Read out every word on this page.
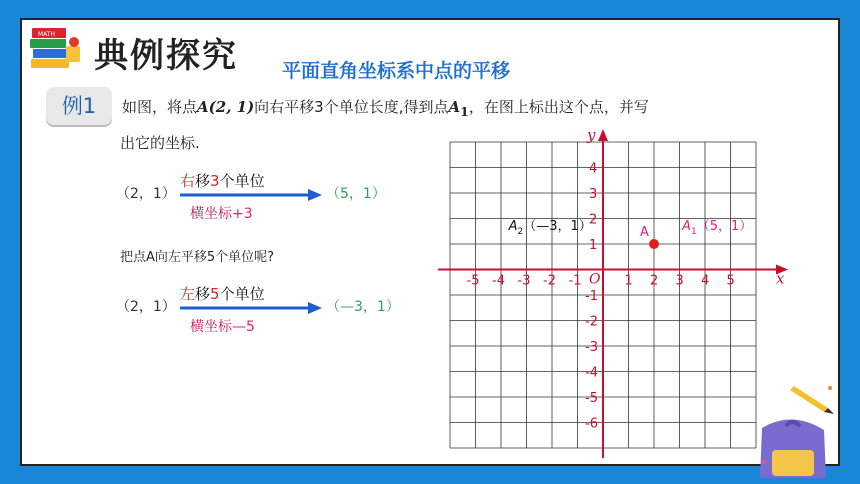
MATH
典例探究 平面直角坐标系中点的平移
例1	如图，将点A(2, 1)向右平移3个单位长度,得到点$A_1$，在图上标出这个点，并写
出它的坐标.
（2，1）
右移3个单位
横坐标+3
（5，1）
把点A向左平移5个单位呢?
（2，1）
左移5个单位
横坐标—5
（—3，1）
x
y
O
-5 -4 -3 -2 -1	1 2 3 4 5
4
3
2
1
-1
-2
-3
-4
-5
-6
A	$A_1(5$，1）
$A_2(—3$，1）
